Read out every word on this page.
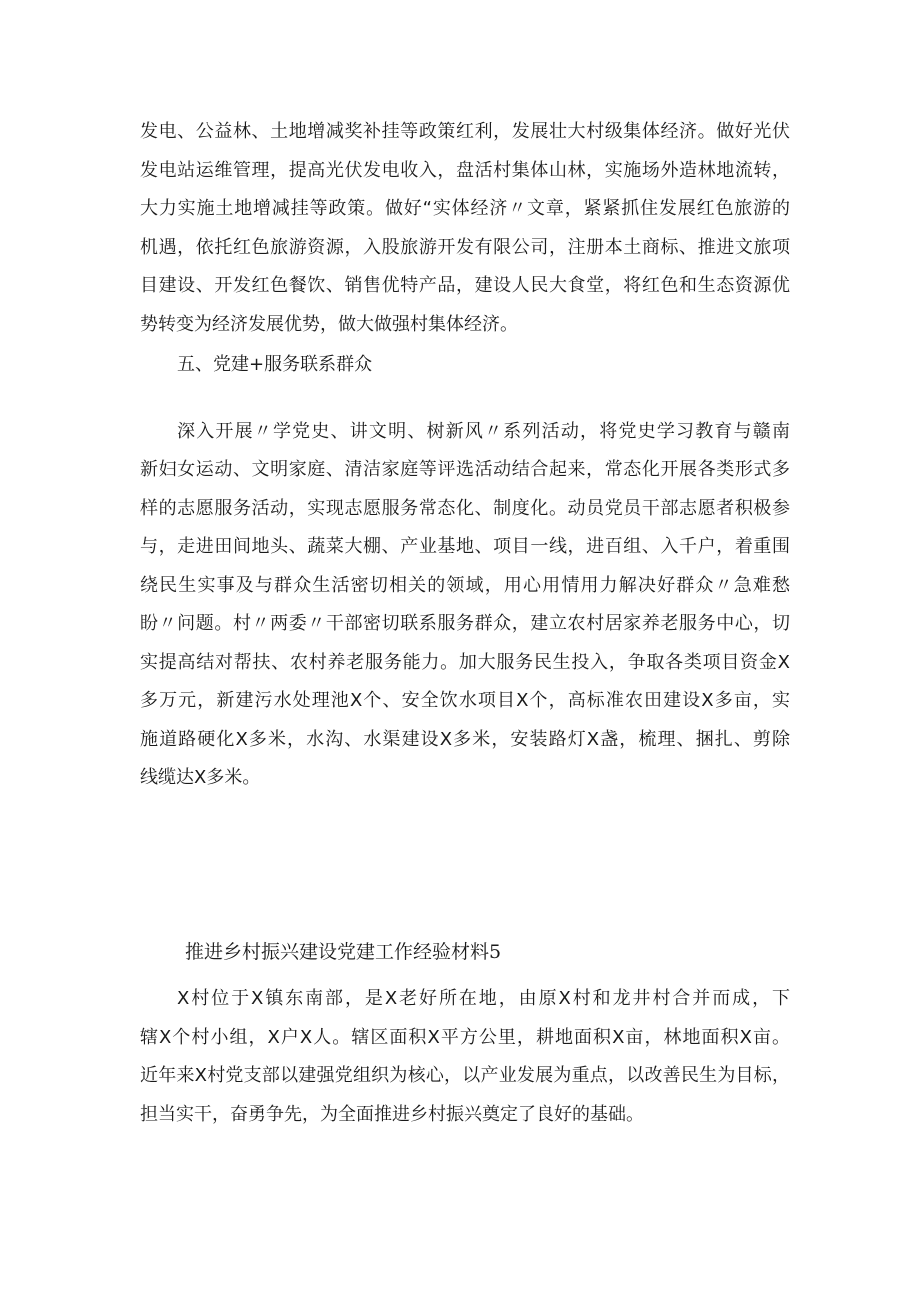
发电、公益林、土地增减奖补挂等政策红利，发展壮大村级集体经济。做好光伏
发电站运维管理，提高光伏发电收入，盘活村集体山林，实施场外造林地流转，
大力实施土地增减挂等政策。做好“实体经济〃文章，紧紧抓住发展红色旅游的
机遇，依托红色旅游资源，入股旅游开发有限公司，注册本土商标、推进文旅项
目建设、开发红色餐饮、销售优特产品，建设人民大食堂，将红色和生态资源优
势转变为经济发展优势，做大做强村集体经济。
五、党建+服务联系群众
深入开展〃学党史、讲文明、树新风〃系列活动，将党史学习教育与赣南
新妇女运动、文明家庭、清洁家庭等评选活动结合起来，常态化开展各类形式多
样的志愿服务活动，实现志愿服务常态化、制度化。动员党员干部志愿者积极参
与，走进田间地头、蔬菜大棚、产业基地、项目一线，进百组、入千户，着重围
绕民生实事及与群众生活密切相关的领域，用心用情用力解决好群众〃急难愁
盼〃问题。村〃两委〃干部密切联系服务群众，建立农村居家养老服务中心，切
实提高结对帮扶、农村养老服务能力。加大服务民生投入，争取各类项目资金X
多万元，新建污水处理池X个、安全饮水项目X个，高标准农田建设X多亩，实
施道路硬化X多米，水沟、水渠建设X多米，安装路灯X盏，梳理、捆扎、剪除
线缆达X多米。
推进乡村振兴建设党建工作经验材料5
X村位于X镇东南部，是X老好所在地，由原X村和龙井村合并而成，下
辖X个村小组，X户X人。辖区面积X平方公里，耕地面积X亩，林地面积X亩。
近年来X村党支部以建强党组织为核心，以产业发展为重点，以改善民生为目标，
担当实干，奋勇争先，为全面推进乡村振兴奠定了良好的基础。
